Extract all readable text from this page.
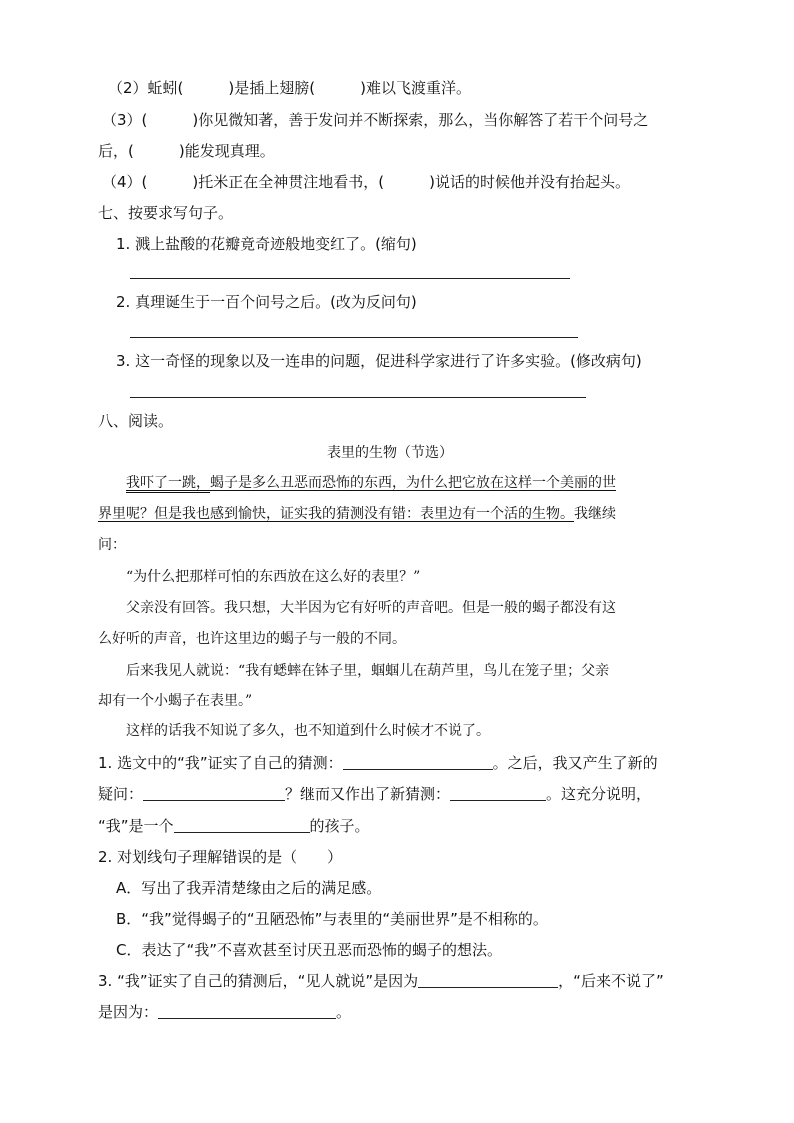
（2）蚯蚓(　　　)是插上翅膀(　　　)难以飞渡重洋。
（3）(　　　)你见微知著，善于发问并不断探索，那么，当你解答了若干个问号之
后，(　　　)能发现真理。
（4）(　　　)托米正在全神贯注地看书，(　　　)说话的时候他并没有抬起头。
七、按要求写句子。
1. 溅上盐酸的花瓣竟奇迹般地变红了。(缩句)
2. 真理诞生于一百个问号之后。(改为反问句)
3. 这一奇怪的现象以及一连串的问题，促进科学家进行了许多实验。(修改病句)
八、阅读。
表里的生物（节选）
我吓了一跳，蝎子是多么丑恶而恐怖的东西，为什么把它放在这样一个美丽的世
界里呢？但是我也感到愉快，证实我的猜测没有错：表里边有一个活的生物。我继续
问：
“为什么把那样可怕的东西放在这么好的表里？”
父亲没有回答。我只想，大半因为它有好听的声音吧。但是一般的蝎子都没有这
么好听的声音，也许这里边的蝎子与一般的不同。
后来我见人就说：“我有蟋蟀在钵子里，蝈蝈儿在葫芦里，鸟儿在笼子里；父亲
却有一个小蝎子在表里。”
这样的话我不知说了多久，也不知道到什么时候才不说了。
1. 选文中的“我”证实了自己的猜测：	。之后，我又产生了新的
疑问：	？继而又作出了新猜测：	。这充分说明，
“我”是一个	的孩子。
2. 对划线句子理解错误的是（　　）
A．写出了我弄清楚缘由之后的满足感。
B．“我”觉得蝎子的“丑陋恐怖”与表里的“美丽世界”是不相称的。
C．表达了“我”不喜欢甚至讨厌丑恶而恐怖的蝎子的想法。
3. “我”证实了自己的猜测后，“见人就说”是因为	，“后来不说了”
是因为：	。
